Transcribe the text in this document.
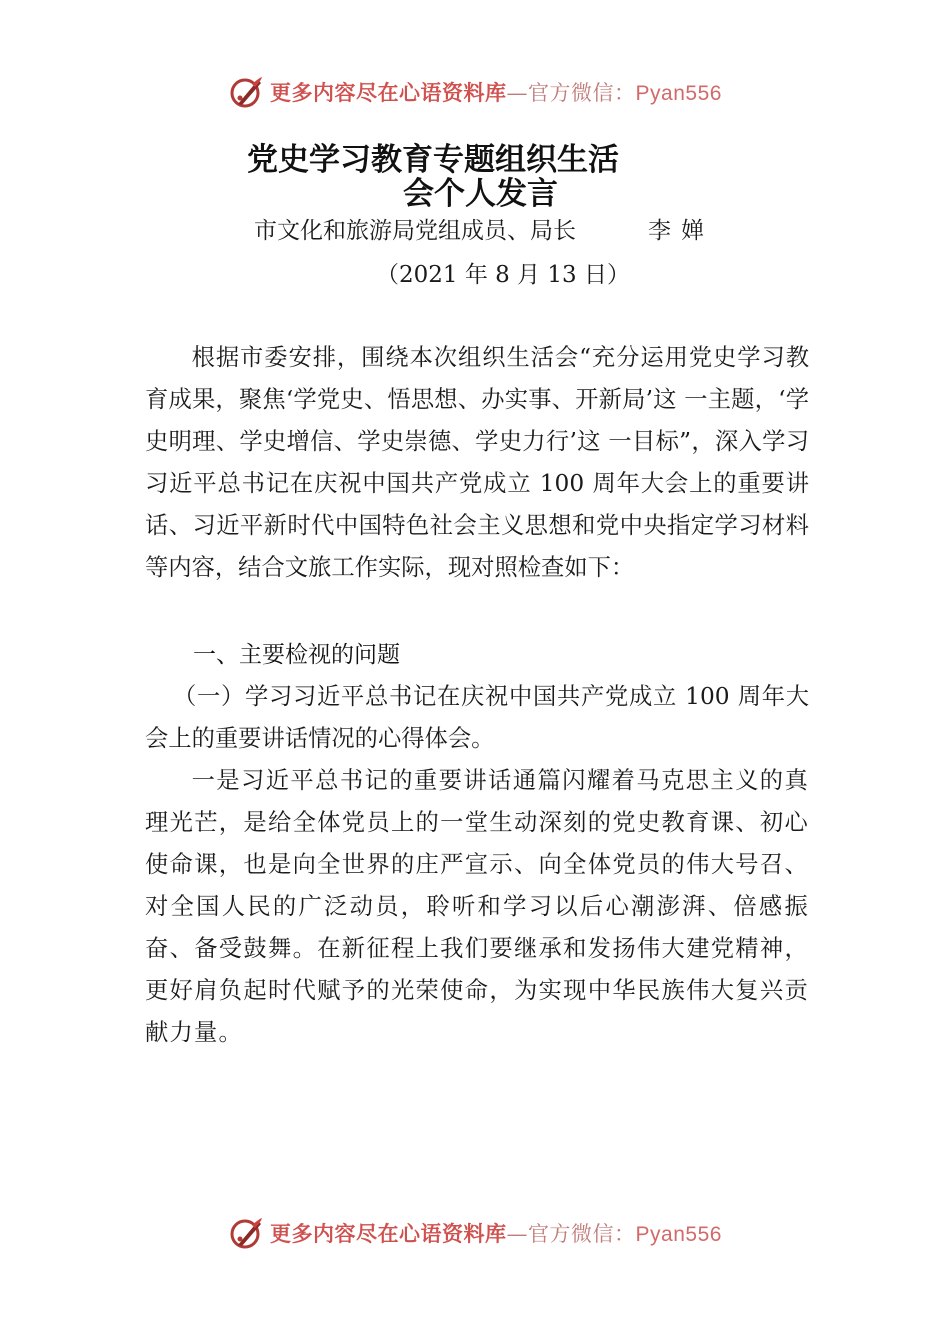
更多内容尽在心语资料库—官方微信：Pyan556
党史学习教育专题组织生活
会个人发言
市文化和旅游局党组成员、局长	李婵
（2021 年 8 月 13 日）
根据市委安排，围绕本次组织生活会“充分运用党史学习教育成果，聚焦‘学党史、悟思想、办实事、开新局’这 一主题，‘学史明理、学史增信、学史崇德、学史力行’这 一目标”，深入学习习近平总书记在庆祝中国共产党成立 100 周年大会上的重要讲话、习近平新时代中国特色社会主义思想和党中央指定学习材料等内容，结合文旅工作实际，现对照检查如下：
一、主要检视的问题
（一）学习习近平总书记在庆祝中国共产党成立 100 周年大会上的重要讲话情况的心得体会。
一是习近平总书记的重要讲话通篇闪耀着马克思主义的真理光芒，是给全体党员上的一堂生动深刻的党史教育课、初心使命课，也是向全世界的庄严宣示、向全体党员的伟大号召、对全国人民的广泛动员，聆听和学习以后心潮澎湃、倍感振奋、备受鼓舞。在新征程上我们要继承和发扬伟大建党精神，更好肩负起时代赋予的光荣使命，为实现中华民族伟大复兴贡献力量。
更多内容尽在心语资料库—官方微信：Pyan556
